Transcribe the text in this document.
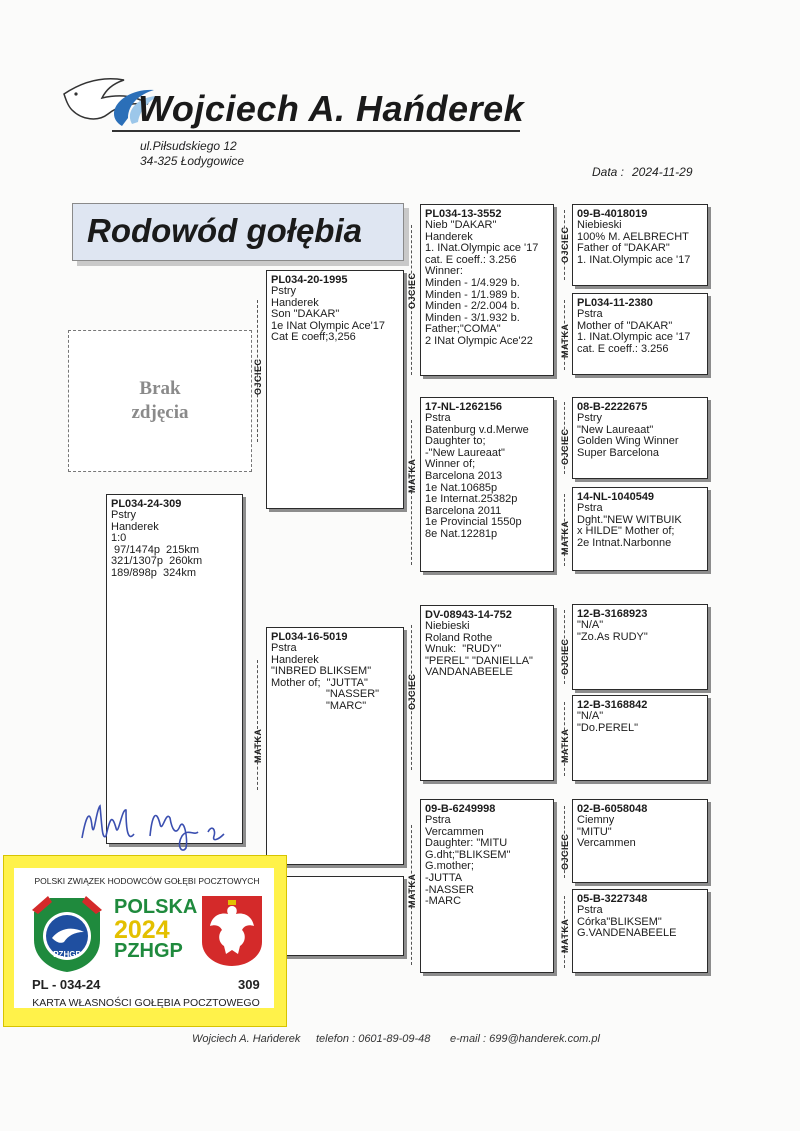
Wojciech A. Hańderek
ul.Piłsudskiego 12
34-325 Łodygowice
Data : 2024-11-29
Rodowód gołębia
Brak
zdjęcia
PL034-24-309
Pstry
Handerek
1:0
97/1474p  215km
321/1307p  260km
189/898p  324km
PL034-20-1995
Pstry
Handerek
Son "DAKAR"
1e INat Olympic Ace'17
Cat E coeff;3,256
PL034-16-5019
Pstra
Handerek
"INBRED BLIKSEM"
Mother of;  "JUTTA"
"NASSER"
"MARC"
PL034-13-3552
Nieb "DAKAR"
Handerek
1. INat.Olympic ace '17
cat. E coeff.: 3.256
Winner:
Minden - 1/4.929 b.
Minden - 1/1.989 b.
Minden - 2/2.004 b.
Minden - 3/1.932 b.
Father;"COMA"
2 INat Olympic Ace'22
17-NL-1262156
Pstra
Batenburg v.d.Merwe
Daughter to;
-"New Laureaat"
Winner of;
Barcelona 2013
1e Nat.10685p
1e Internat.25382p
Barcelona 2011
1e Provincial 1550p
8e Nat.12281p
DV-08943-14-752
Niebieski
Roland Rothe
Wnuk:  "RUDY"
"PEREL" "DANIELLA"
VANDANABEELE
09-B-6249998
Pstra
Vercammen
Daughter: "MITU
G.dht;"BLIKSEM"
G.mother;
-JUTTA
-NASSER
-MARC
09-B-4018019
Niebieski
100% M. AELBRECHT
Father of "DAKAR"
1. INat.Olympic ace '17
PL034-11-2380
Pstra
Mother of "DAKAR"
1. INat.Olympic ace '17
cat. E coeff.: 3.256
08-B-2222675
Pstry
"New Laureaat"
Golden Wing Winner
Super Barcelona
14-NL-1040549
Pstra
Dght."NEW WITBUIK
x HILDE" Mother of;
2e Intnat.Narbonne
12-B-3168923
"N/A"
"Zo.As RUDY"
12-B-3168842
"N/A"
"Do.PEREL"
02-B-6058048
Ciemny
"MITU"
Vercammen
05-B-3227348
Pstra
Córka"BLIKSEM"
G.VANDENABEELE
OJCIEC
MATKA
OJCIEC
MATKA
OJCIEC
MATKA
OJCIEC
MATKA
OJCIEC
MATKA
OJCIEC
MATKA
OJCIEC
MATKA
POLSKI ZWIĄZEK HODOWCÓW GOŁĘBI POCZTOWYCH
PZHGP
POLSKA
2024
PZHGP
PL - 034-24	309
KARTA WŁASNOŚCI GOŁĘBIA POCZTOWEGO
Wojciech A. Hańderek telefon : 0601-89-09-48 e-mail : 699@handerek.com.pl
